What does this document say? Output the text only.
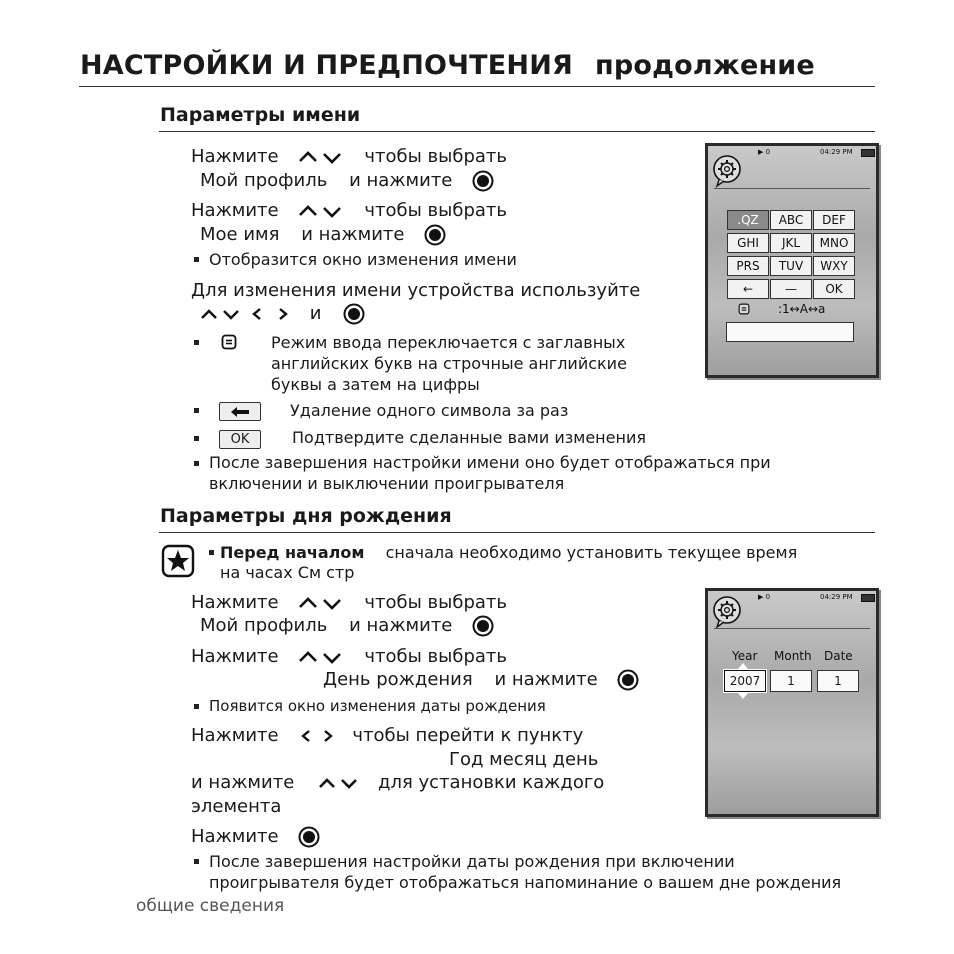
НАСТРОЙКИ И ПРЕДПОЧТЕНИЯ продолжение
Параметры имени
Нажмите	чтобы выбрать
Мой профиль и нажмите
Нажмите	чтобы выбрать
Мое имя и нажмите
Отобразится окно изменения имени
Для изменения имени устройства используйте
и
Режим ввода переключается с заглавных
английских букв на строчные английские
буквы а затем на цифры
Удаление одного символа за раз
OK	Подтвердите сделанные вами изменения
После завершения настройки имени оно будет отображаться при
включении и выключении проигрывателя
▶ 0	04:29 PM
.QZ	ABC	DEF
GHI	JKL	MNO
PRS	TUV	WXY
←	—	OK
:1↔A↔a
Параметры дня рождения
Перед началом сначала необходимо установить текущее время
на часах См стр
Нажмите	чтобы выбрать
Мой профиль и нажмите
Нажмите	чтобы выбрать
День рождения и нажмите
Появится окно изменения даты рождения
Нажмите	чтобы перейти к пункту
Год месяц день
и нажмите	для установки каждого
элемента
Нажмите
После завершения настройки даты рождения при включении
проигрывателя будет отображаться напоминание о вашем дне рождения
▶ 0	04:29 PM
Year Month Date
2007	1	1
общие сведения
